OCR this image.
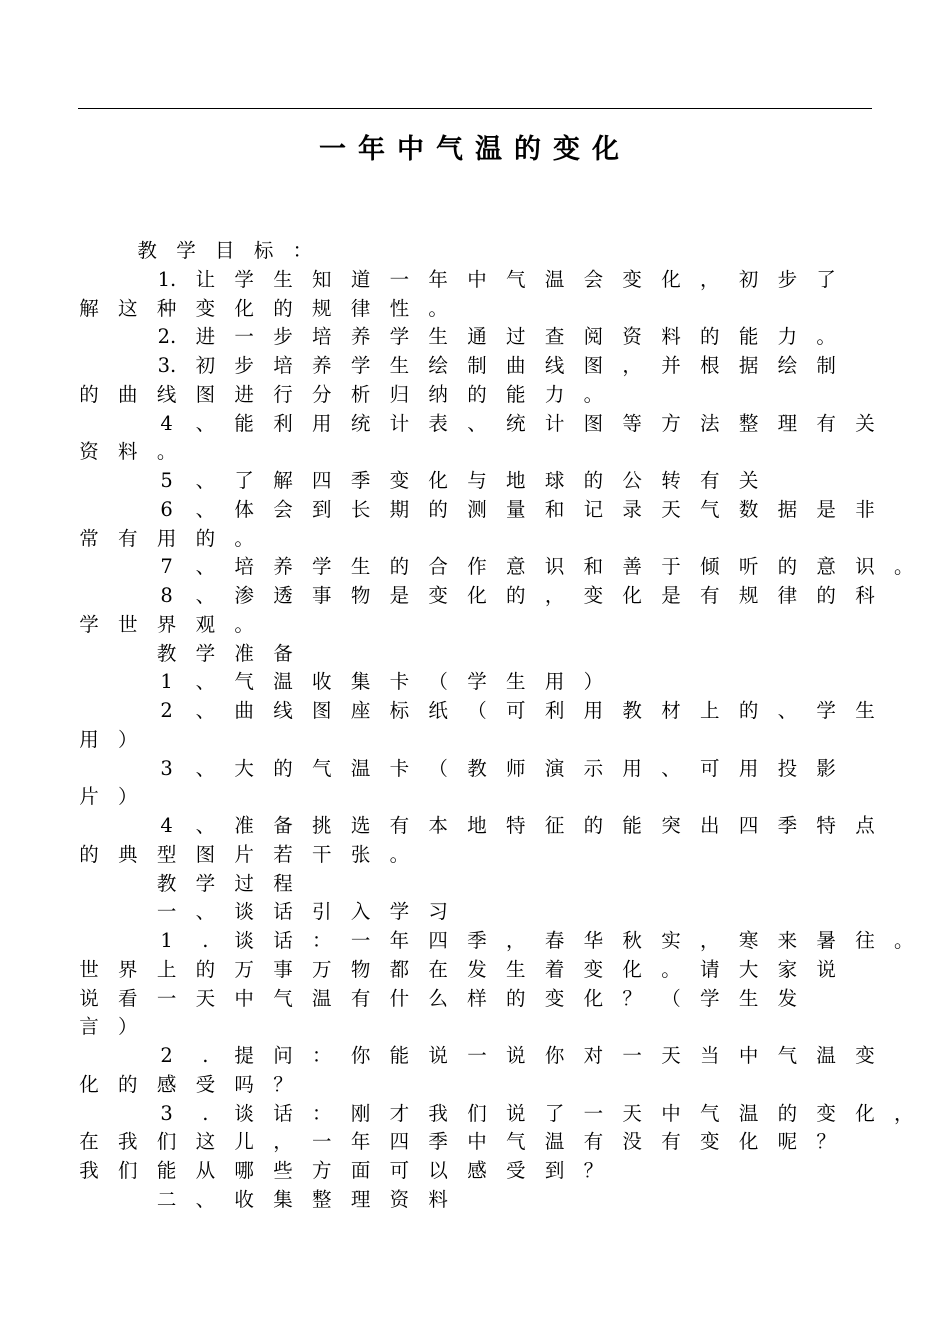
一年中气温的变化
教 学 目 标 ：
1. 让 学 生 知 道 一 年 中 气 温 会 变 化 ， 初 步 了
解 这 种 变 化 的 规 律 性 。
2. 进 一 步 培 养 学 生 通 过 查 阅 资 料 的 能 力 。
3. 初 步 培 养 学 生 绘 制 曲 线 图 ， 并 根 据 绘 制
的 曲 线 图 进 行 分 析 归 纳 的 能 力 。
4	、 能 利 用 统 计 表 、 统 计 图 等 方 法 整 理 有 关
资 料 。
5	、 了 解 四 季 变 化 与 地 球 的 公 转 有 关
6	、 体 会 到 长 期 的 测 量 和 记 录 天 气 数 据 是 非
常 有 用 的 。
7	、 培 养 学 生 的 合 作 意 识 和 善 于 倾 听 的 意 识 。
8	、 渗 透 事 物 是 变 化 的 ， 变 化 是 有 规 律 的 科
学 世 界 观 。
教 学 准 备
1	、 气 温 收 集 卡 （ 学 生 用 ）
2	、 曲 线 图 座 标 纸 （ 可 利 用 教 材 上 的 、 学 生
用 ）
3	、 大 的 气 温 卡 （ 教 师 演 示 用 、 可 用 投 影
片 ）
4	、 准 备 挑 选 有 本 地 特 征 的 能 突 出 四 季 特 点
的 典 型 图 片 若 干 张 。
教 学 过 程
一 、 谈 话 引 入 学 习
1	.	谈 话 ： 一 年 四 季 ， 春 华 秋 实 ， 寒 来 暑 往 。
世 界 上 的 万 事 万 物 都 在 发 生 着 变 化 。 请 大 家 说
说 看 一 天 中 气 温 有 什 么 样 的 变 化 ？ （ 学 生 发
言 ）
2	.	提 问 ： 你 能 说 一 说 你 对 一 天 当 中 气 温 变
化 的 感 受 吗 ？
3	.	谈 话 ： 刚 才 我 们 说 了 一 天 中 气 温 的 变 化 ，
在 我 们 这 儿 ， 一 年 四 季 中 气 温 有 没 有 变 化 呢 ？
我 们 能 从 哪 些 方 面 可 以 感 受 到 ？
二 、 收 集 整 理 资 料
